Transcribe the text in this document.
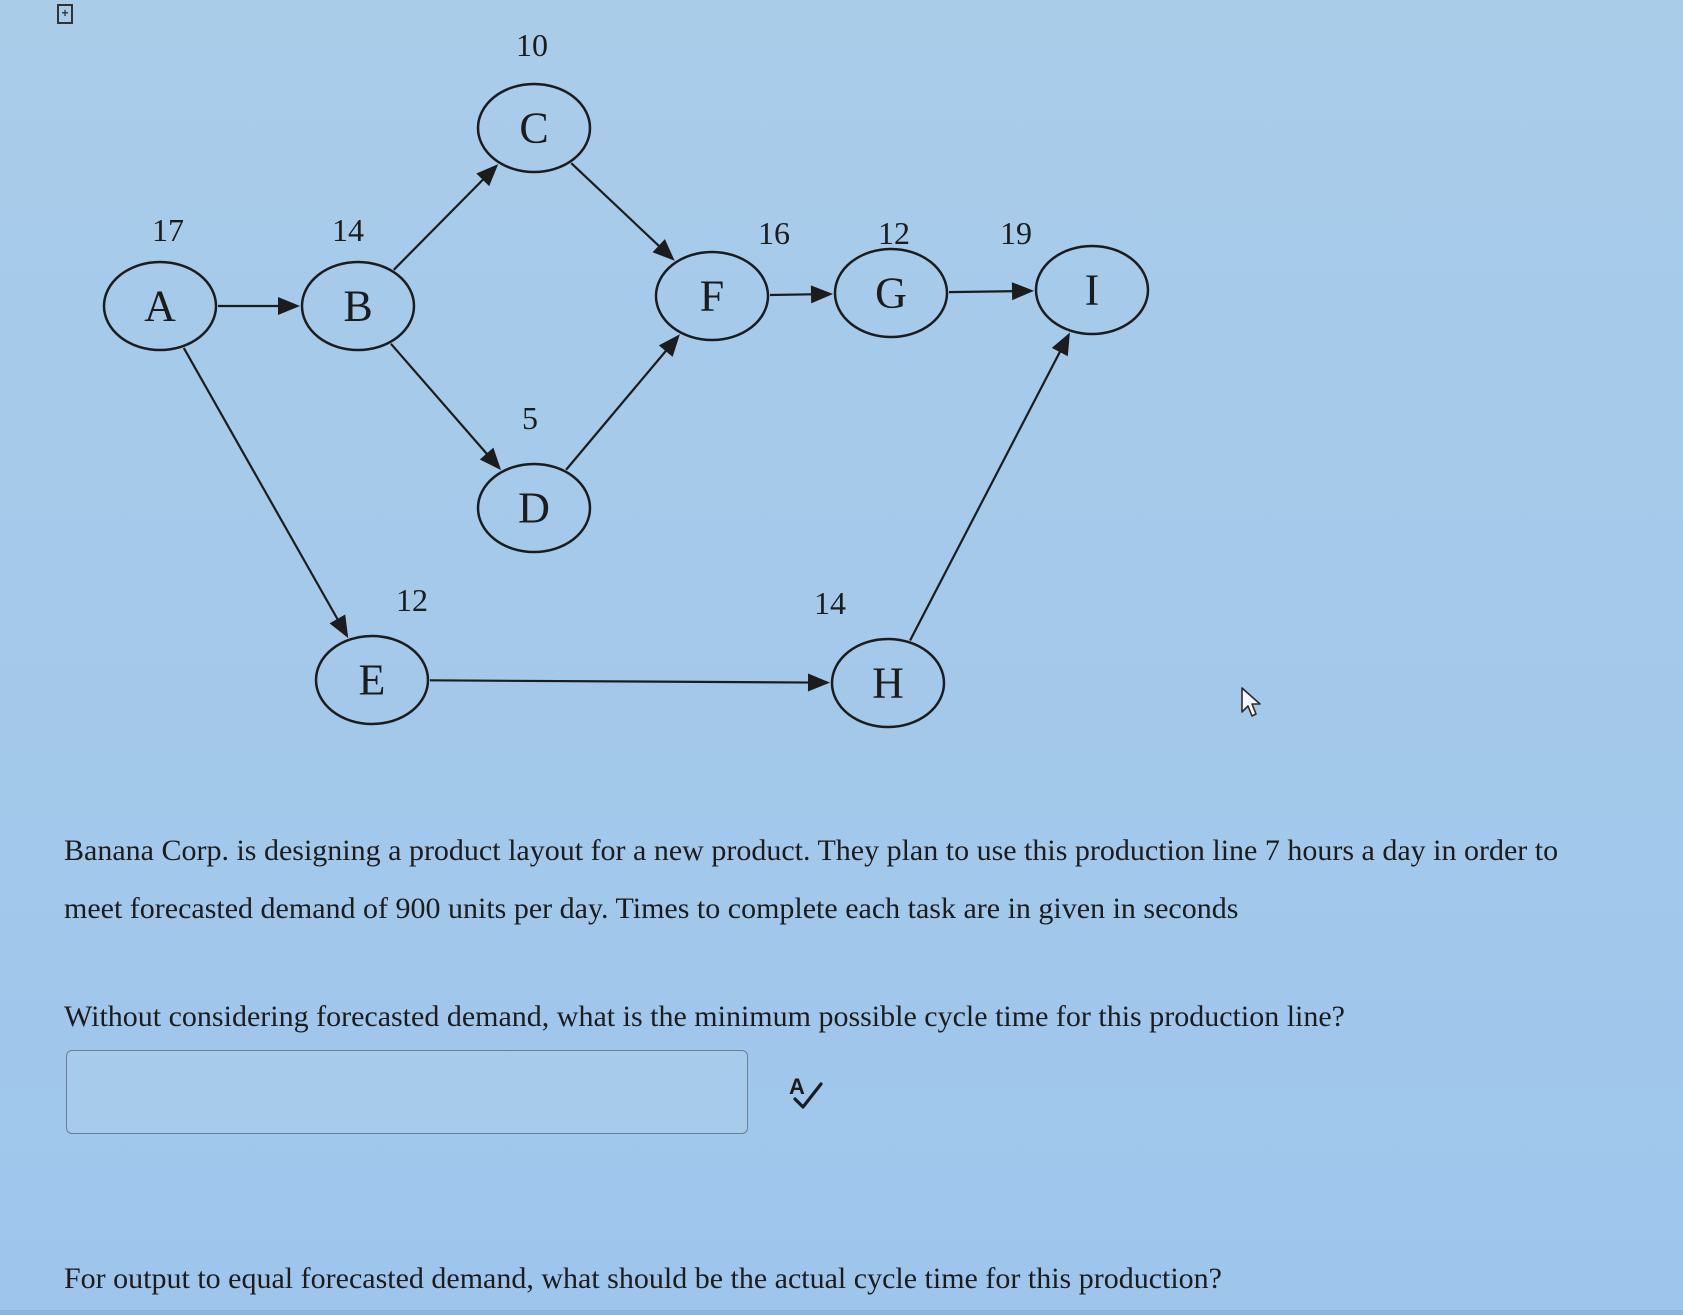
+
A
17
B
14
C
10
D
5
E
12
F
16
G
12
H
14
I
19
Banana Corp. is designing a product layout for a new product. They plan to use this production line 7 hours a day in order to meet forecasted demand of 900 units per day. Times to complete each task are in given in seconds
Without considering forecasted demand, what is the minimum possible cycle time for this production line?
A
For output to equal forecasted demand, what should be the actual cycle time for this production?
